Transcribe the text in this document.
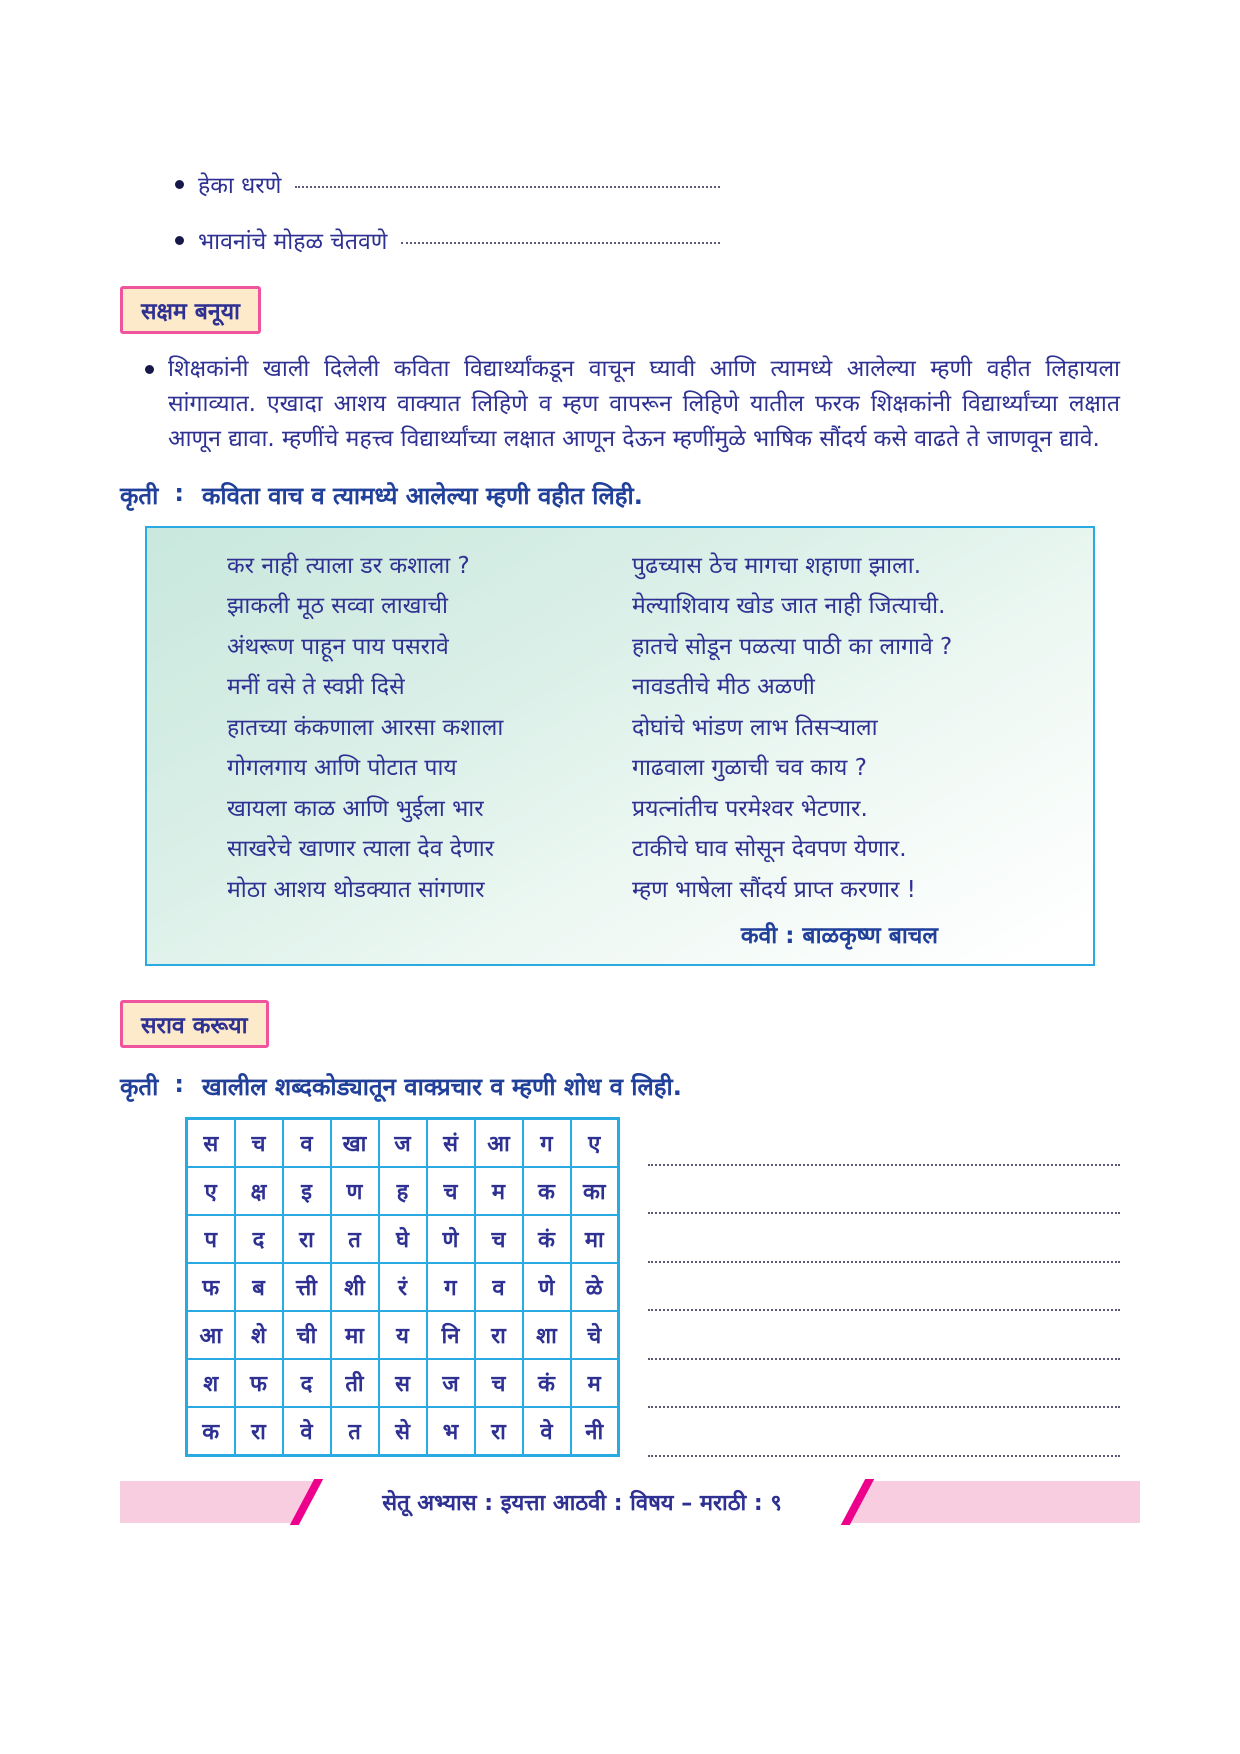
हेका धरणे
भावनांचे मोहळ चेतवणे
सक्षम बनूया

शिक्षकांनी खाली दिलेली कविता विद्यार्थ्यांकडून वाचून घ्यावी आणि त्यामध्ये आलेल्या म्हणी वहीत लिहायला सांगाव्यात. एखादा आशय वाक्यात लिहिणे व म्हण वापरून लिहिणे यातील फरक शिक्षकांनी विद्यार्थ्यांच्या लक्षात आणून द्यावा. म्हणींचे महत्त्व विद्यार्थ्यांच्या लक्षात आणून देऊन म्हणींमुळे भाषिक सौंदर्य कसे वाढते ते जाणवून द्यावे.

कृती : कविता वाच व त्यामध्ये आलेल्या म्हणी वहीत लिही.
कर नाही त्याला डर कशाला ?
झाकली मूठ सव्वा लाखाची
अंथरूण पाहून पाय पसरावे
मनीं वसे ते स्वप्नी दिसे
हातच्या कंकणाला आरसा कशाला
गोगलगाय आणि पोटात पाय
खायला काळ आणि भुईला भार
साखरेचे खाणार त्याला देव देणार
मोठा आशय थोडक्यात सांगणार
पुढच्यास ठेच मागचा शहाणा झाला.
मेल्याशिवाय खोड जात नाही जित्याची.
हातचे सोडून पळत्या पाठी का लागावे ?
नावडतीचे मीठ अळणी
दोघांचे भांडण लाभ तिसऱ्याला
गाढवाला गुळाची चव काय ?
प्रयत्नांतीच परमेश्वर भेटणार.
टाकीचे घाव सोसून देवपण येणार.
म्हण भाषेला सौंदर्य प्राप्त करणार !
कवी : बाळकृष्ण बाचल
सराव करूया
कृती : खालील शब्दकोड्यातून वाक्प्रचार व म्हणी शोध व लिही.
स	च	व	खा	ज	सं	आ	ग	ए
ए	क्ष	इ	ण	ह	च	म	क	का
प	द	रा	त	घे	णे	च	कं	मा
फ	ब	त्ती	शी	रं	ग	व	णे	ळे
आ	शे	ची	मा	य	नि	रा	शा	चे
श	फ	द	ती	स	ज	च	कं	म
क	रा	वे	त	से	भ	रा	वे	नी
सेतू अभ्यास : इयत्ता आठवी : विषय – मराठी : ९
